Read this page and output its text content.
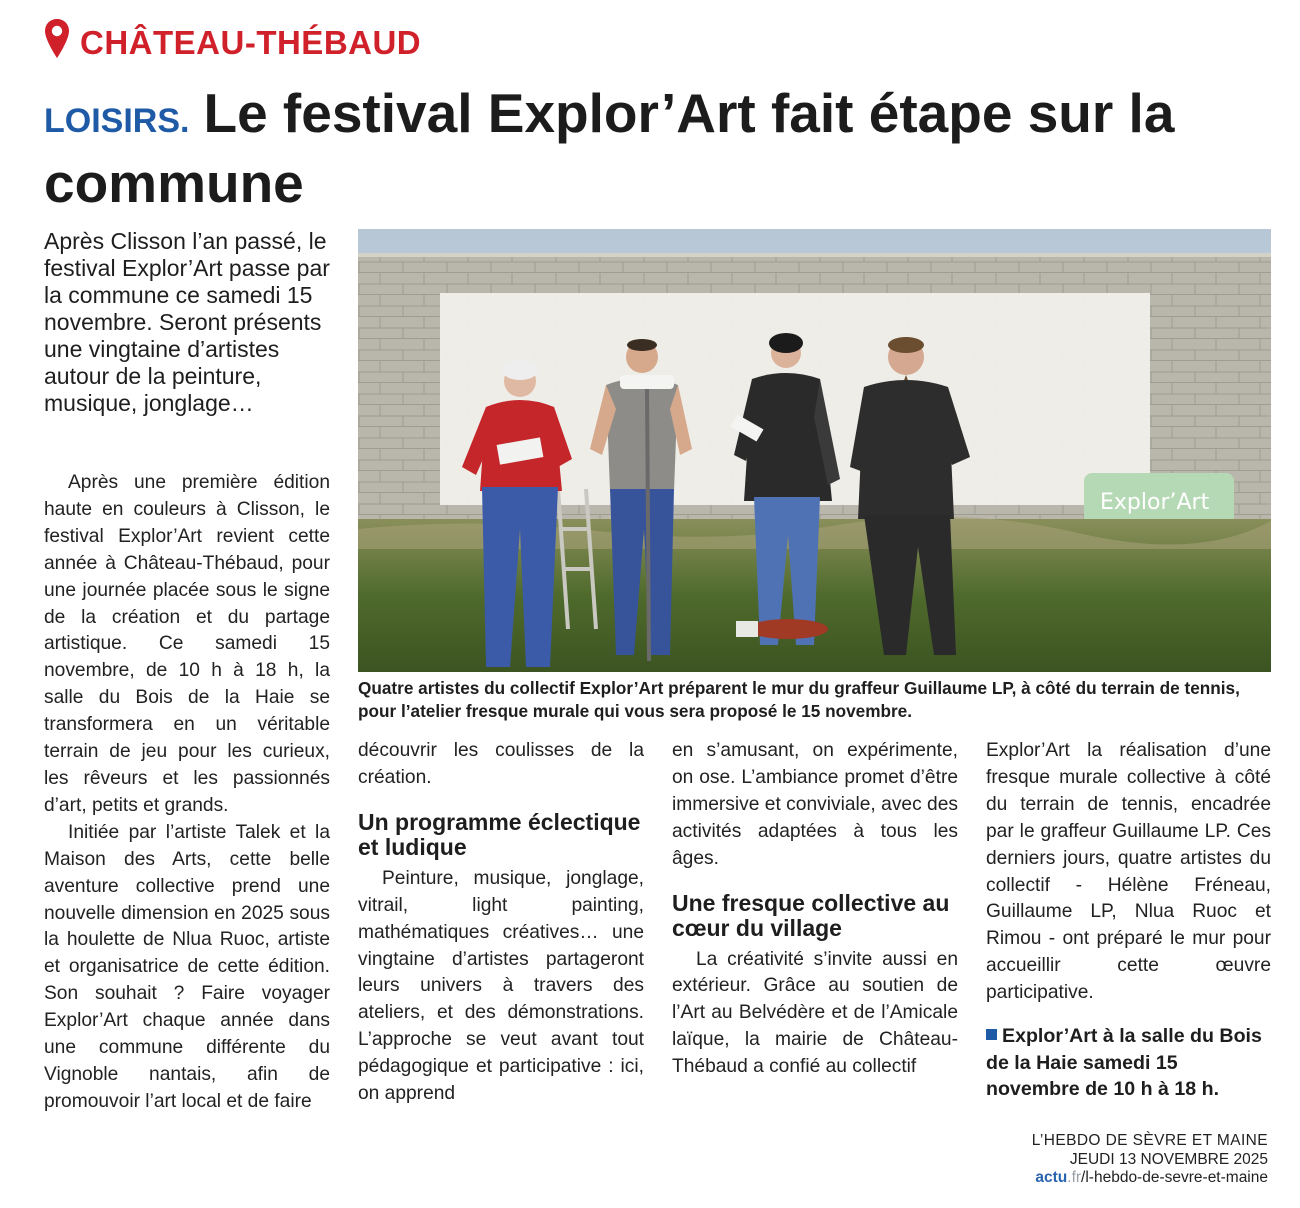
CHÂTEAU-THÉBAUD
LOISIRS. Le festival Explor’Art fait étape sur la commune
Après Clisson l’an passé, le festival Explor’Art passe par la commune ce samedi 15 novembre. Seront présents une vingtaine d’artistes autour de la peinture, musique, jonglage…
Explor’Art
Quatre artistes du collectif Explor’Art préparent le mur du graffeur Guillaume LP, à côté du terrain de tennis, pour l’atelier fresque murale qui vous sera proposé le 15 novembre.

Après une première édition haute en couleurs à Clisson, le festival Explor’Art revient cette année à Château-Thébaud, pour une journée placée sous le signe de la création et du partage artistique. Ce samedi 15 novembre, de 10 h à 18 h, la salle du Bois de la Haie se transformera en un véritable terrain de jeu pour les curieux, les rêveurs et les passionnés d’art, petits et grands.

Initiée par l’artiste Talek et la Maison des Arts, cette belle aventure collective prend une nouvelle dimension en 2025 sous la houlette de Nlua Ruoc, artiste et organisatrice de cette édition. Son souhait ? Faire voyager Explor’Art chaque année dans une commune différente du Vignoble nantais, afin de promouvoir l’art local et de faire

découvrir les coulisses de la création.

Un programme éclectique et ludique

Peinture, musique, jonglage, vitrail, light painting, mathématiques créatives… une vingtaine d’artistes partageront leurs univers à travers des ateliers, et des démonstrations. L’approche se veut avant tout pédagogique et participative : ici, on apprend

en s’amusant, on expérimente, on ose. L’ambiance promet d’être immersive et conviviale, avec des activités adaptées à tous les âges.

Une fresque collective au cœur du village

La créativité s’invite aussi en extérieur. Grâce au soutien de l’Art au Belvédère et de l’Amicale laïque, la mairie de Château-Thébaud a confié au collectif

Explor’Art la réalisation d’une fresque murale collective à côté du terrain de tennis, encadrée par le graffeur Guillaume LP. Ces derniers jours, quatre artistes du collectif - Hélène Fréneau, Guillaume LP, Nlua Ruoc et Rimou - ont préparé le mur pour accueillir cette œuvre participative.

Explor’Art à la salle du Bois de la Haie samedi 15 novembre de 10 h à 18 h.
L’HEBDO DE SÈVRE ET MAINE
JEUDI 13 NOVEMBRE 2025
actu.fr/l-hebdo-de-sevre-et-maine
